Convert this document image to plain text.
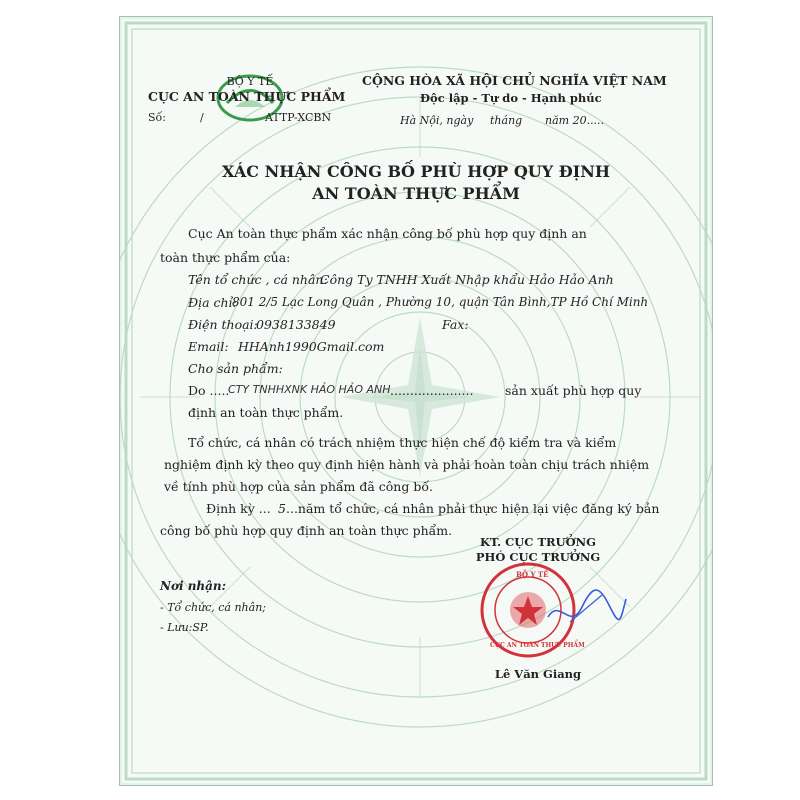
BỘ Y TẾ
CỤC AN TOÀN THỰC PHẨM
Số:	/	ATTP-XCBN
CỘNG HÒA XÃ HỘI CHỦ NGHĨA VIỆT NAM
Độc lập - Tự do - Hạnh phúc
Hà Nội, ngày tháng năm 20.....
XÁC NHẬN CÔNG BỐ PHÙ HỢP QUY ĐỊNH
AN TOÀN THỰC PHẨM
Cục An toàn thực phẩm xác nhận công bố phù hợp quy định an
toàn thực phẩm của:
Tên tổ chức , cá nhân:
Công Ty TNHH Xuất Nhập khẩu Hảo Hảo Anh
Địa chỉ:
801 2/5 Lạc Long Quân , Phường 10, quận Tân Bình,TP Hồ Chí Minh
Điện thoại:
0938133849	Fax:
Email: HHAnh1990Gmail.com
Cho sản phẩm:
Do .....
CTY TNHHXNK HẢO HẢO ANH .....................	sản xuất phù hợp quy
định an toàn thực phẩm.
Tổ chức, cá nhân có trách nhiệm thực hiện chế độ kiểm tra và kiểm
nghiệm định kỳ theo quy định hiện hành và phải hoàn toàn chịu trách nhiệm
về tính phù hợp của sản phẩm đã công bố.
Định kỳ ... 5 ...năm tổ chức, cá nhân phải thực hiện lại việc đăng ký bản
công bố phù hợp quy định an toàn thực phẩm.
KT. CỤC TRƯỞNG
PHÓ CỤC TRƯỞNG
BỘ Y TẾ
CỤC AN TOÀN THỰC PHẨM
Lê Văn Giang
Nơi nhận:
- Tổ chức, cá nhân;
- Lưu:SP.
